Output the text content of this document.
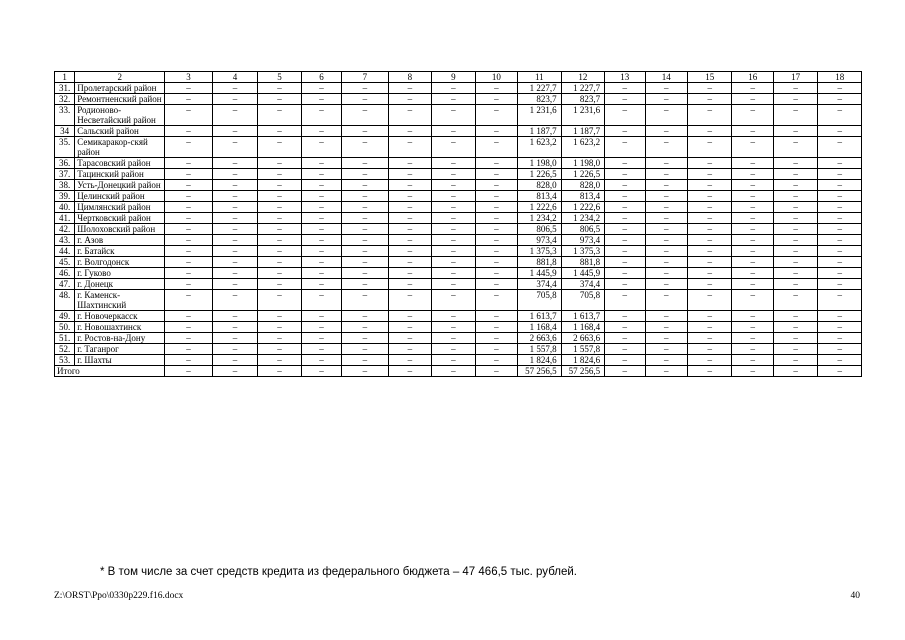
1	2	3	4	5	6	7	8	9	10	11	12	13	14	15	16	17	18
31.	Пролетарский район	–	–	–	–	–	–	–	–	1 227,7	1 227,7	–	–	–	–	–	–
32.	Ремонтненский район	–	–	–	–	–	–	–	–	823,7	823,7	–	–	–	–	–	–
33.	Родионово-Несветайский район	–	–	–	–	–	–	–	–	1 231,6	1 231,6	–	–	–	–	–	–
34	Сальский район	–	–	–	–	–	–	–	–	1 187,7	1 187,7	–	–	–	–	–	–
35.	Семикаракор-скяй район	–	–	–	–	–	–	–	–	1 623,2	1 623,2	–	–	–	–	–	–
36.	Тарасовский район	–	–	–	–	–	–	–	–	1 198,0	1 198,0	–	–	–	–	–	–
37.	Тацинский район	–	–	–	–	–	–	–	–	1 226,5	1 226,5	–	–	–	–	–	–
38.	Усть-Донецкий район	–	–	–	–	–	–	–	–	828,0	828,0	–	–	–	–	–	–
39.	Целинский район	–	–	–	–	–	–	–	–	813,4	813,4	–	–	–	–	–	–
40.	Цимлянский район	–	–	–	–	–	–	–	–	1 222,6	1 222,6	–	–	–	–	–	–
41.	Чертковский район	–	–	–	–	–	–	–	–	1 234,2	1 234,2	–	–	–	–	–	–
42.	Шолоховский район	–	–	–	–	–	–	–	–	806,5	806,5	–	–	–	–	–	–
43.	г. Азов	–	–	–	–	–	–	–	–	973,4	973,4	–	–	–	–	–	–
44.	г. Батайск	–	–	–	–	–	–	–	–	1 375,3	1 375,3	–	–	–	–	–	–
45.	г. Волгодонск	–	–	–	–	–	–	–	–	881,8	881,8	–	–	–	–	–	–
46.	г. Гуково	–	–	–	–	–	–	–	–	1 445,9	1 445,9	–	–	–	–	–	–
47.	г. Донецк	–	–	–	–	–	–	–	–	374,4	374,4	–	–	–	–	–	–
48.	г. Каменск-Шахтинский	–	–	–	–	–	–	–	–	705,8	705,8	–	–	–	–	–	–
49.	г. Новочеркасск	–	–	–	–	–	–	–	–	1 613,7	1 613,7	–	–	–	–	–	–
50.	г. Новошахтинск	–	–	–	–	–	–	–	–	1 168,4	1 168,4	–	–	–	–	–	–
51.	г. Ростов-на-Дону	–	–	–	–	–	–	–	–	2 663,6	2 663,6	–	–	–	–	–	–
52.	г. Таганрог	–	–	–	–	–	–	–	–	1 557,8	1 557,8	–	–	–	–	–	–
53.	г. Шахты	–	–	–	–	–	–	–	–	1 824,6	1 824,6	–	–	–	–	–	–
Итого		–	–	–	–	–	–	–	–	57 256,5	57 256,5	–	–	–	–	–	–
* В том числе за счет средств кредита из федерального бюджета – 47 466,5 тыс. рублей.
Z:\ORST\Ppo\0330p229.f16.docx	40
